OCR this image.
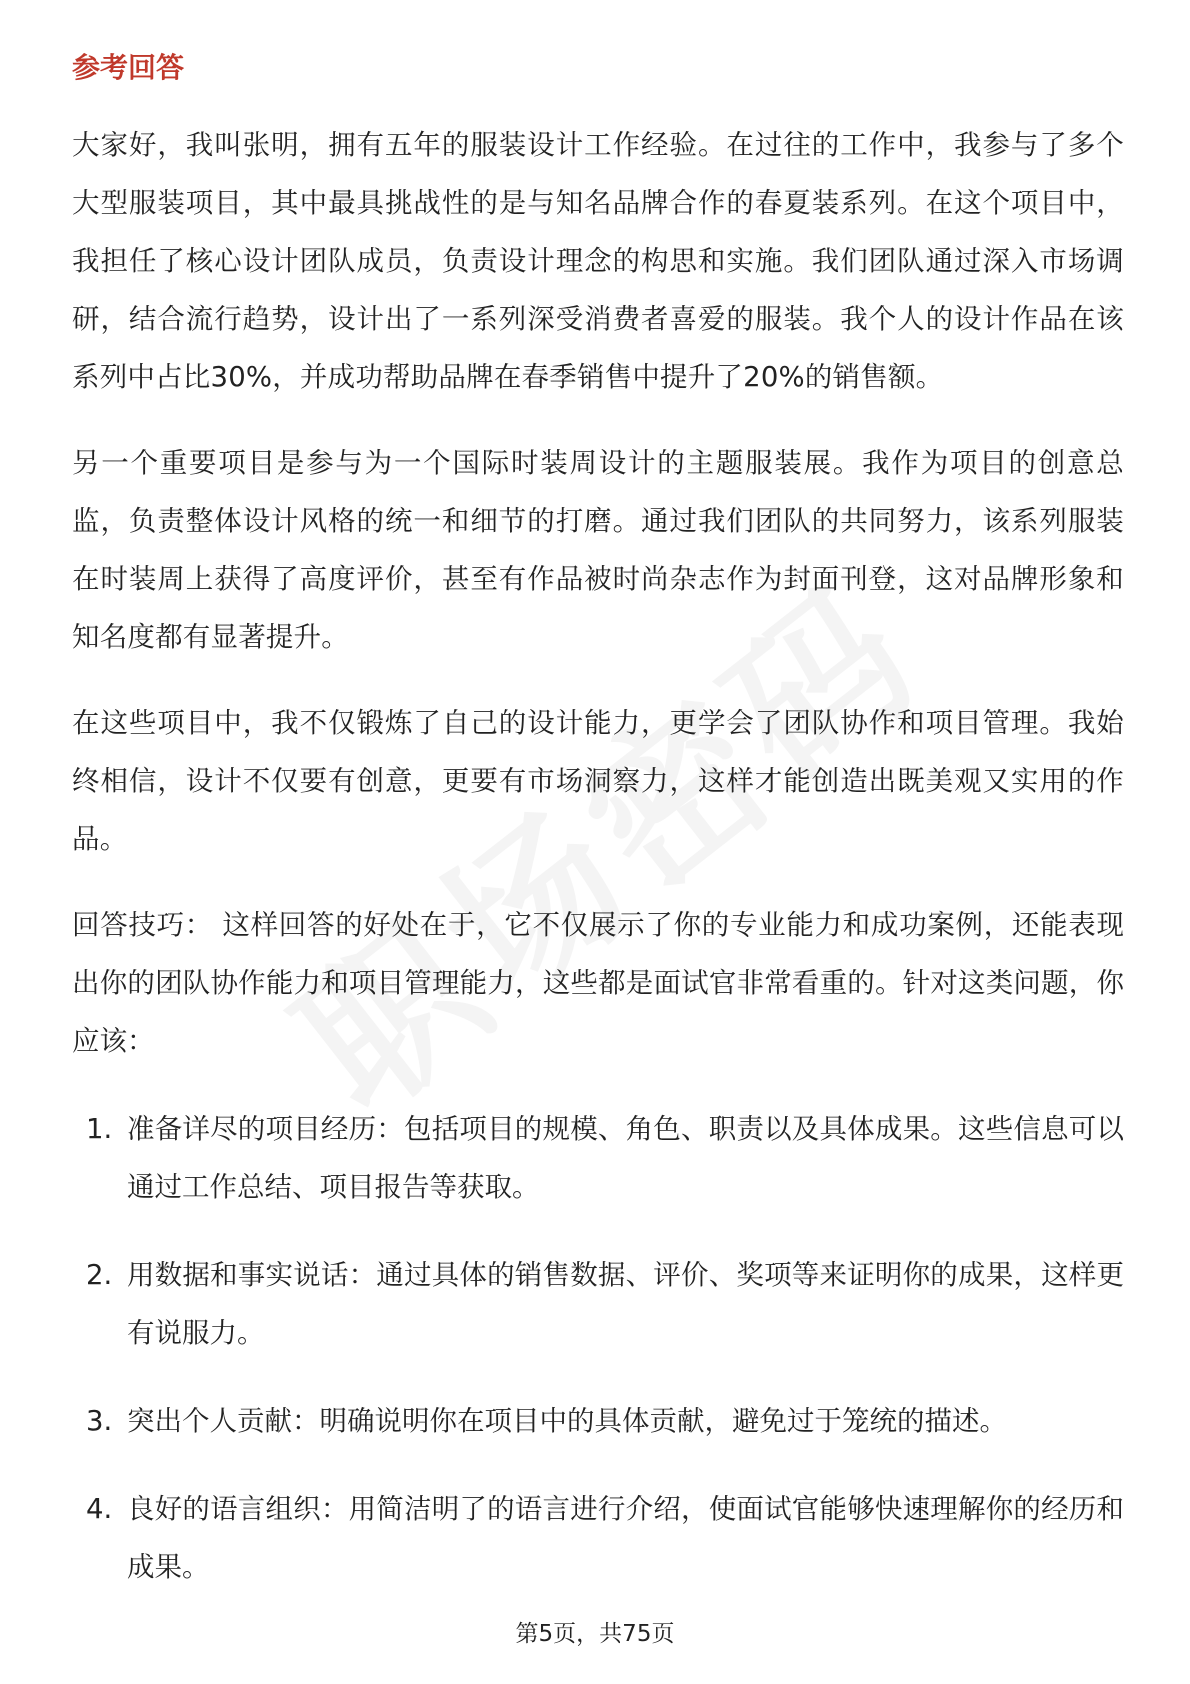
参考回答

大家好，我叫张明，拥有五年的服装设计工作经验。在过往的工作中，我参与了多个大型服装项目，其中最具挑战性的是与知名品牌合作的春夏装系列。在这个项目中，我担任了核心设计团队成员，负责设计理念的构思和实施。我们团队通过深入市场调研，结合流行趋势，设计出了一系列深受消费者喜爱的服装。我个人的设计作品在该系列中占比30%，并成功帮助品牌在春季销售中提升了20%的销售额。

另一个重要项目是参与为一个国际时装周设计的主题服装展。我作为项目的创意总监，负责整体设计风格的统一和细节的打磨。通过我们团队的共同努力，该系列服装在时装周上获得了高度评价，甚至有作品被时尚杂志作为封面刊登，这对品牌形象和知名度都有显著提升。

在这些项目中，我不仅锻炼了自己的设计能力，更学会了团队协作和项目管理。我始终相信，设计不仅要有创意，更要有市场洞察力，这样才能创造出既美观又实用的作品。

回答技巧： 这样回答的好处在于，它不仅展示了你的专业能力和成功案例，还能表现出你的团队协作能力和项目管理能力，这些都是面试官非常看重的。针对这类问题，你应该：

1. 准备详尽的项目经历：包括项目的规模、角色、职责以及具体成果。这些信息可以通过工作总结、项目报告等获取。
2. 用数据和事实说话：通过具体的销售数据、评价、奖项等来证明你的成果，这样更有说服力。
3. 突出个人贡献：明确说明你在项目中的具体贡献，避免过于笼统的描述。
4. 良好的语言组织：用简洁明了的语言进行介绍，使面试官能够快速理解你的经历和成果。
第5页，共75页
